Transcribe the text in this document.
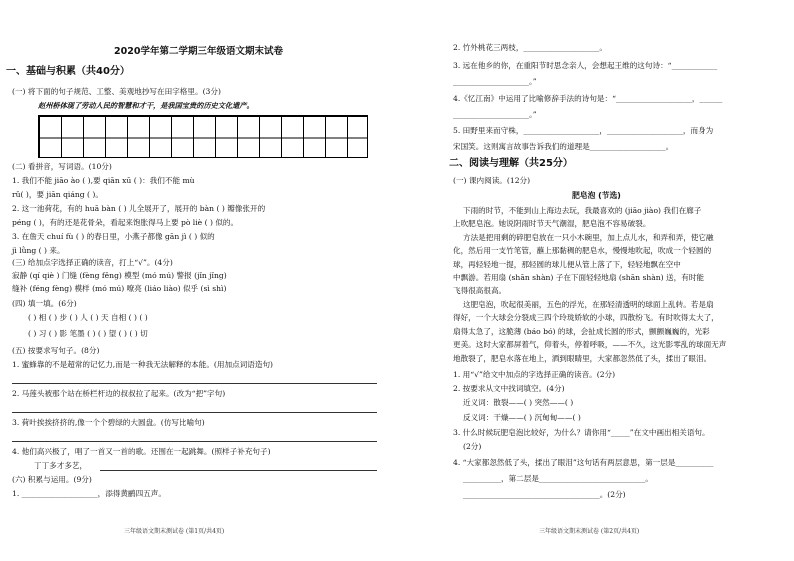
2020学年第二学期三年级语文期末试卷
一、基础与积累（共40分）
(一) 将下面的句子规范、工整、美观地抄写在田字格里。(3分)
赵州桥体现了劳动人民的智慧和才干，是我国宝贵的历史文化遗产。
(二) 看拼音，写词语。(10分)
1. 我们不能 jiāo ào ( ),要 qiān xū ( )：我们不能 mù
rǔ( )，要 jiān qiáng ( )。
2. 这一池荷花，有的 huā bàn ( ) 儿全展开了，展开的 bàn ( ) 瓣像张开的
péng ( )，有的还是花骨朵，看起来饱胀得马上要 pò liè ( ) 似的。
3. 在詹天 chuí fù ( ) 的春日里，小燕子都像 gān jì ( ) 似的
jì lǜng ( ) 来。
(三) 给加点字选择正确的读音，打上“√”。(4分)
寂静 (qí qiè ) 门缝 (fèng fěng) 模型 (mó mú) 警报 (jǐn jǐng)
缝补 (féng fèng) 模样 (mó mú) 嘹亮 (liáo liào) 似乎 (sì shì)
(四) 填一填。(6分)
( ) 相 ( ) 步 ( ) 人 ( ) 天 自相 ( ) ( )
( ) 习 ( ) 影 笔墨 ( ) ( ) 望 ( ) ( ) 切
(五) 按要求写句子。(8分)
1. 蜜蜂靠的不是超常的记忆力,而是一种我无法解释的本能。(用加点词语造句)
2. 马莲头被那个站在桥栏杆边的叔叔拉了起来。(改为“把”字句)
3. 荷叶挨挨挤挤的,像一个个碧绿的大圆盘。(仿写比喻句)
4. 他们高兴极了，唱了一首又一首的歌。还围在一起跳舞。(照样子补充句子)
丁丁多才多艺，
(六) 积累与运用。(9分)
1. ____________________，添得黄鹂四五声。
三年级语文期末测试卷 (第1页/共4页)
2. 竹外桃花三两枝，____________________。
3. 远在他乡的你，在重阳节时思念亲人，会想起王维的这句诗：“____________
____________________。”
4.《忆江南》中运用了比喻修辞手法的诗句是：“____________________，______
____________________。”
5. 田野里来而守株，____________________，____________________，而身为
宋国笑。这则寓言故事告诉我们的道理是____________________。
二、阅读与理解（共25分）
(一) 课内阅读。(12分)
肥皂泡 (节选)
下雨的时节，不能到山上海边去玩，我最喜欢的 (jiāo jiào) 我们在廊子
上吹肥皂泡。她说阴雨时节天气潮湿，肥皂泡不容易破裂。
方法是把用剩的碎肥皂放在一只小木碗里，加上点儿水，和弄和弄，使它融
化，然后用一支竹笔管，蘸上那黏稠的肥皂水，慢慢地吹起，吹成一个轻圆的
球，再轻轻地一提，那轻圆的球儿便从管上落了下，轻轻地飘在空中
中飘游。若用扇 (shān shàn) 子在下面轻轻地扇 (shān shàn) 送，有时能
飞得很高很高。
这肥皂泡，吹起很美丽，五色的浮光，在那轻清透明的球面上乱转。若是扇
得好，一个大球会分裂成三四个玲珑娇软的小球，四散纷飞。有时吹得太大了，
扇得太急了，这脆薄 (báo bó) 的球，会扯成长圆的形式，颤颤巍巍的，光彩
更美。这时大家都屏着气，仰着头，停着呼吸，——不久，这光影零乱的球面无声
地散裂了，肥皂水落在地上，洒到眼睛里，大家都忽然低了头，揉出了眼泪。
1. 用“√”给文中加点的字选择正确的读音。(2分)
2. 按要求从文中找词填空。(4分)
近义词：散裂——( ) 突然——( )
反义词：干燥——( ) 沉甸甸——( )
3. 什么时候玩肥皂泡比较好，为什么？请你用“_____”在文中画出相关语句。
(2分)
4. “大家都忽然低了头，揉出了眼泪”这句话有两层意思，第一层是__________
__________，第二层是____________________________。
____________________________________。(2分)
三年级语文期末测试卷 (第2页/共4页)
